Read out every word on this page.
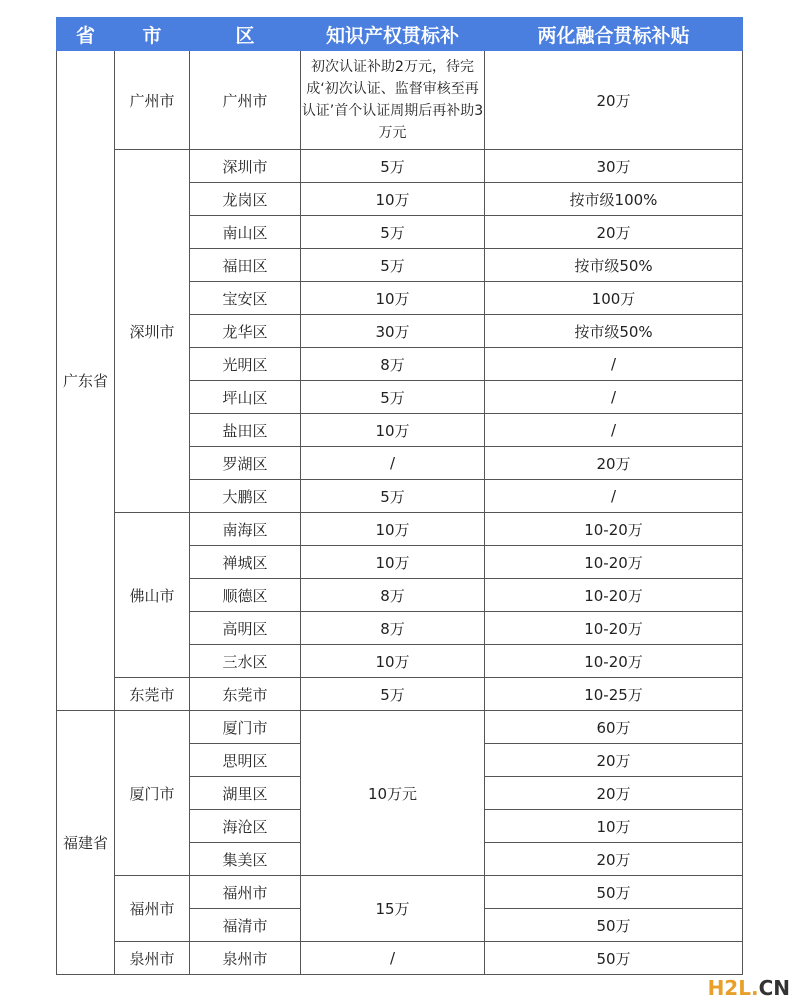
省	市	区	知识产权贯标补	两化融合贯标补贴
广东省	广州市	广州市	初次认证补助2万元，待完成‘初次认证、监督审核至再认证’首个认证周期后再补助3万元	20万
	深圳市	深圳市	5万	30万
		龙岗区	10万	按市级100%
		南山区	5万	20万
		福田区	5万	按市级50%
		宝安区	10万	100万
		龙华区	30万	按市级50%
		光明区	8万	/
		坪山区	5万	/
		盐田区	10万	/
		罗湖区	/	20万
		大鹏区	5万	/
	佛山市	南海区	10万	10-20万
		禅城区	10万	10-20万
		顺德区	8万	10-20万
		高明区	8万	10-20万
		三水区	10万	10-20万
	东莞市	东莞市	5万	10-25万
福建省	厦门市	厦门市	10万元	60万
		思明区		20万
		湖里区		20万
		海沧区		10万
		集美区		20万
	福州市	福州市	15万	50万
		福清市		50万
	泉州市	泉州市	/	50万
H2L.CN
